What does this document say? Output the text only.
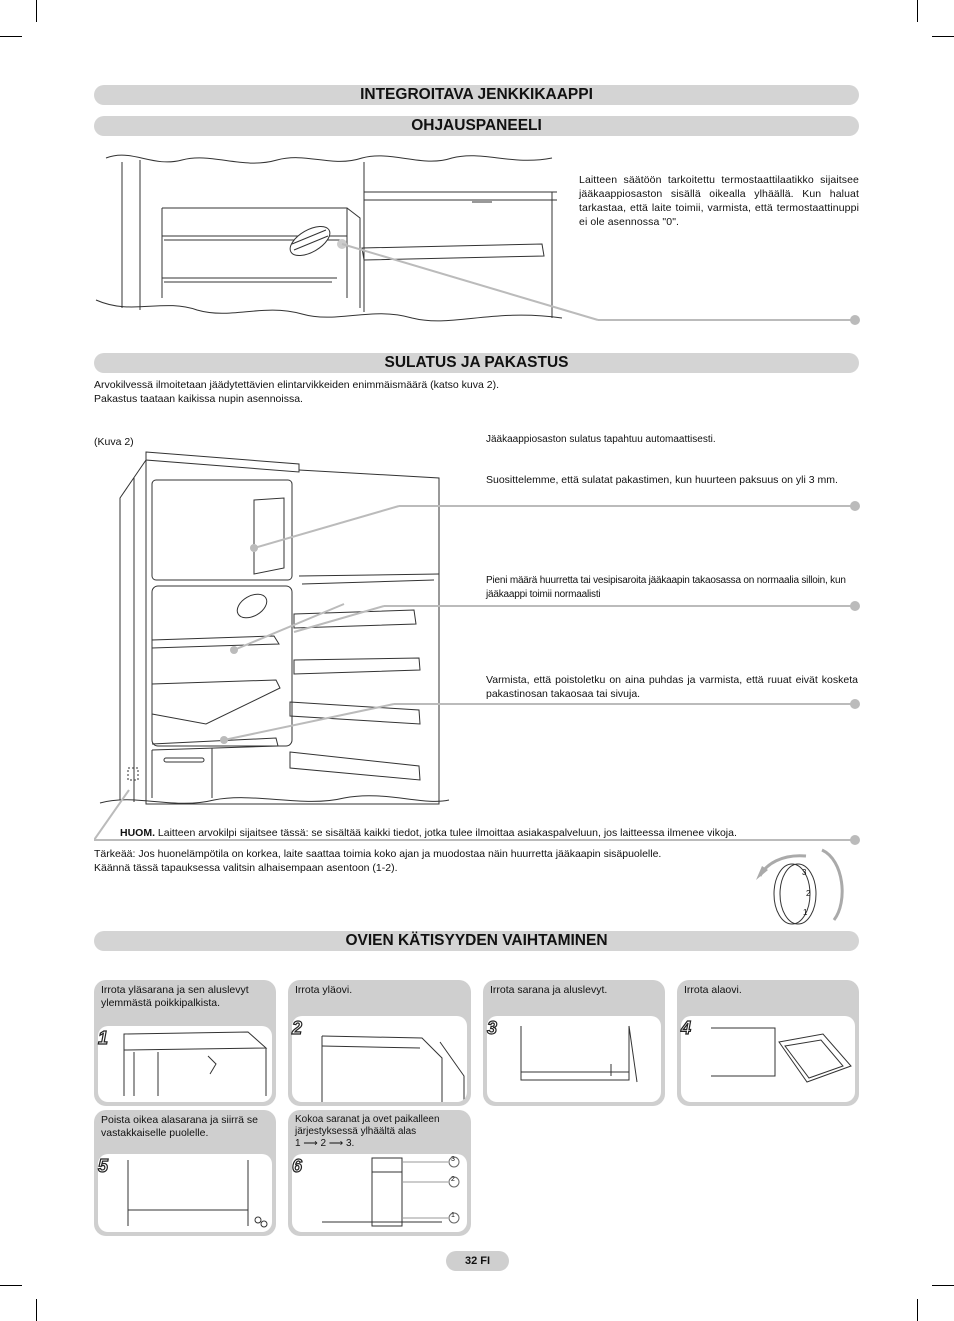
INTEGROITAVA JENKKIKAAPPI
OHJAUSPANEELI
Laitteen säätöön tarkoitettu termostaattilaatikko sijaitsee jääkaappiosaston sisällä oikealla ylhäällä. Kun haluat tarkastaa, että laite toimii, varmista, että termostaattinuppi ei ole asennossa "0".
SULATUS JA PAKASTUS
Arvokilvessä ilmoitetaan jäädytettävien elintarvikkeiden enimmäismäärä (katso kuva 2).
Pakastus taataan kaikissa nupin asennoissa.
(Kuva 2)	Jääkaappiosaston sulatus tapahtuu automaattisesti.
Suosittelemme, että sulatat pakastimen, kun huurteen paksuus on yli 3 mm.
Pieni määrä huurretta tai vesipisaroita jääkaapin takaosassa on normaalia silloin, kun jääkaappi toimii normaalisti
Varmista, että poistoletku on aina puhdas ja varmista, että ruuat eivät kosketa pakastinosan takaosaa tai sivuja.
HUOM. Laitteen arvokilpi sijaitsee tässä: se sisältää kaikki tiedot, jotka tulee ilmoittaa asiakaspalveluun, jos laitteessa ilmenee vikoja.
Tärkeää: Jos huonelämpötila on korkea, laite saattaa toimia koko ajan ja muodostaa näin huurretta jääkaapin sisäpuolelle.
Käännä tässä tapauksessa valitsin alhaisempaan asentoon (1-2).	3
2
1
OVIEN KÄTISYYDEN VAIHTAMINEN
Irrota yläsarana ja sen aluslevyt ylemmästä poikkipalkista.
1
Irrota yläovi.
2
Irrota sarana ja aluslevyt.
3
Irrota alaovi.
4
Poista oikea alasarana ja siirrä se vastakkaiselle puolelle.
5
Kokoa saranat ja ovet paikalleen järjestyksessä ylhäältä alas
1 ⟶ 2 ⟶ 3.
6	3
2
1
32 FI
